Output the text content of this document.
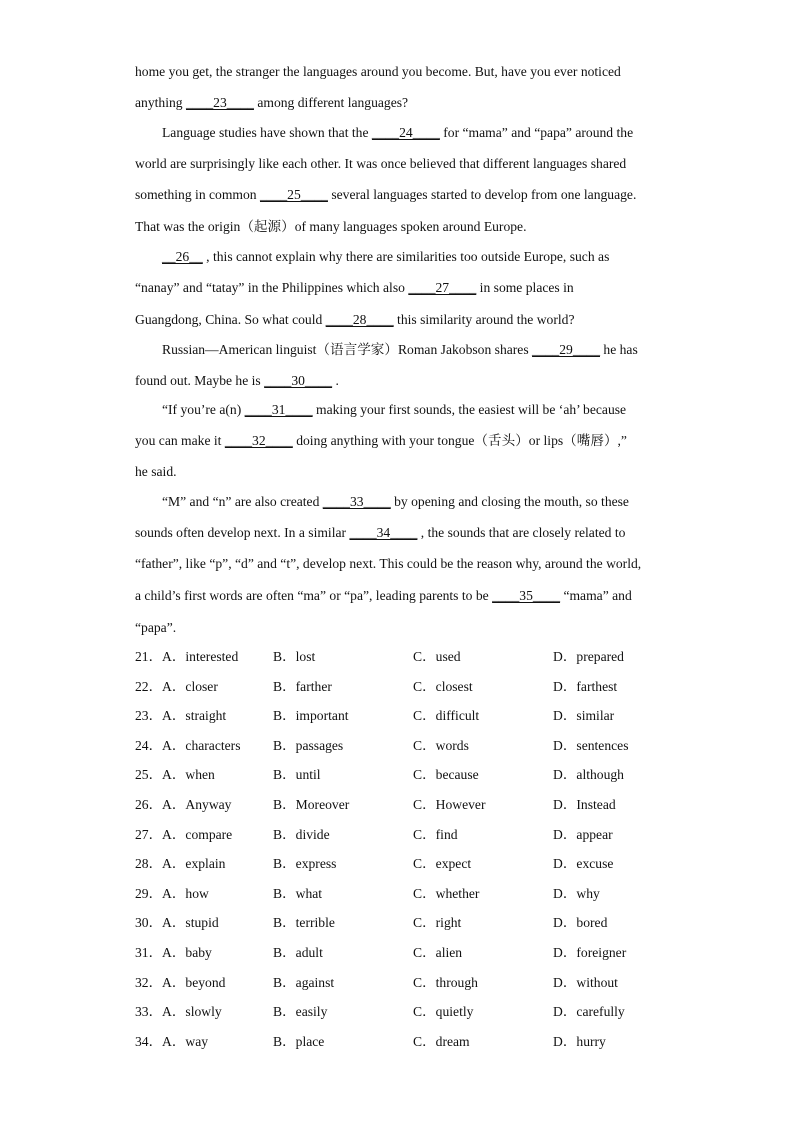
home you get, the stranger the languages around you become. But, have you ever noticed
anything ____23____ among different languages?
Language studies have shown that the ____24____ for “mama” and “papa” around the
world are surprisingly like each other. It was once believed that different languages shared
something in common ____25____ several languages started to develop from one language.
That was the origin（起源）of many languages spoken around Europe.
__26__ , this cannot explain why there are similarities too outside Europe, such as
“nanay” and “tatay” in the Philippines which also ____27____ in some places in
Guangdong, China. So what could ____28____ this similarity around the world?
Russian—American linguist（语言学家）Roman Jakobson shares ____29____ he has
found out. Maybe he is ____30____ .
“If you’re a(n) ____31____ making your first sounds, the easiest will be ‘ah’ because
you can make it ____32____ doing anything with your tongue（舌头）or lips（嘴唇）,”
he said.
“M” and “n” are also created ____33____ by opening and closing the mouth, so these
sounds often develop next. In a similar ____34____ , the sounds that are closely related to
“father”, like “p”, “d” and “t”, develop next. This could be the reason why, around the world,
a child’s first words are often “ma” or “pa”, leading parents to be ____35____ “mama” and
“papa”.
21． A．interested	B．lost	C．used	D．prepared
22． A．closer	B．farther	C．closest	D．farthest
23． A．straight	B．important	C．difficult	D．similar
24． A．characters B．passages	C．words	D．sentences
25． A．when	B．until	C．because	D．although
26． A．Anyway	B．Moreover	C．However	D．Instead
27． A．compare	B．divide	C．find	D．appear
28． A．explain	B．express	C．expect	D．excuse
29． A．how	B．what	C．whether	D．why
30． A．stupid	B．terrible	C．right	D．bored
31． A．baby	B．adult	C．alien	D．foreigner
32． A．beyond	B．against	C．through	D．without
33． A．slowly	B．easily	C．quietly	D．carefully
34． A．way	B．place	C．dream	D．hurry
